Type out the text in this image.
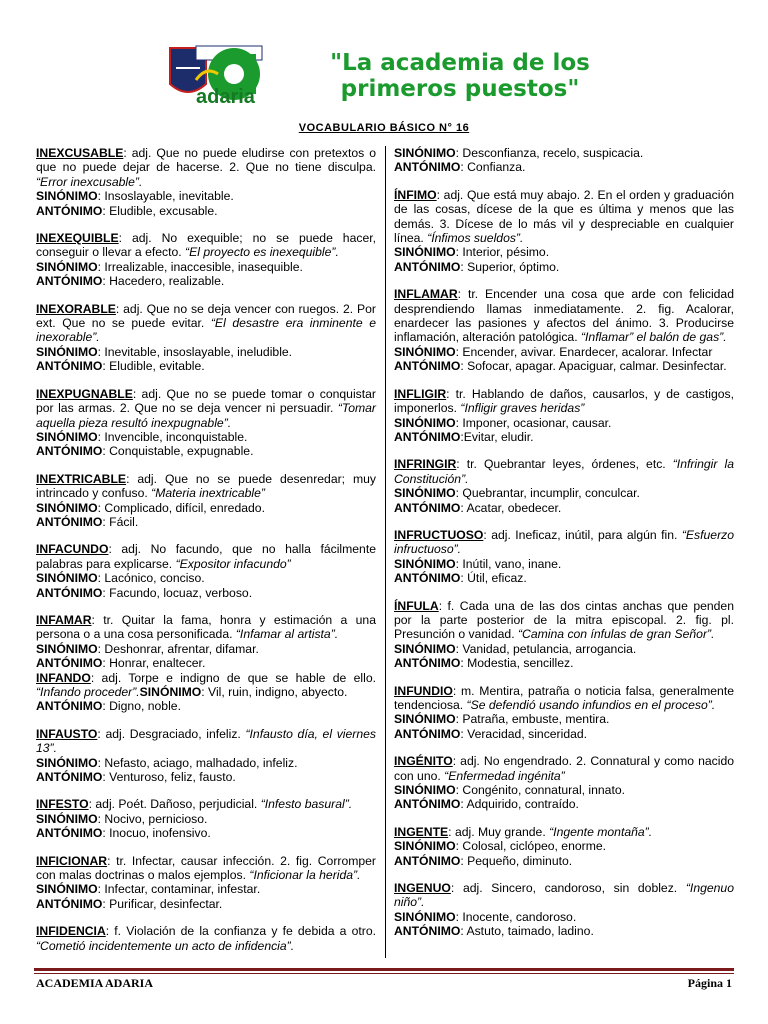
adaria
"La academia de los
primeros puestos"
VOCABULARIO BÁSICO N° 16

INEXCUSABLE: adj. Que no puede eludirse con pretextos o que no puede dejar de hacerse. 2. Que no tiene disculpa. “Error inexcusable”.

SINÓNIMO: Insoslayable, inevitable.

ANTÓNIMO: Eludible, excusable.

INEXEQUIBLE: adj. No exequible; no se puede hacer, conseguir o llevar a efecto. “El proyecto es inexequible”.

SINÓNIMO: Irrealizable, inaccesible, inasequible.

ANTÓNIMO: Hacedero, realizable.

INEXORABLE: adj. Que no se deja vencer con ruegos. 2. Por ext. Que no se puede evitar. “El desastre era inminente e inexorable”.

SINÓNIMO: Inevitable, insoslayable, ineludible.

ANTÓNIMO: Eludible, evitable.

INEXPUGNABLE: adj. Que no se puede tomar o conquistar por las armas. 2. Que no se deja vencer ni persuadir. “Tomar aquella pieza resultó inexpugnable”.

SINÓNIMO: Invencible, inconquistable.

ANTÓNIMO: Conquistable, expugnable.

INEXTRICABLE: adj. Que no se puede desenredar; muy intrincado y confuso. “Materia inextricable”

SINÓNIMO: Complicado, difícil, enredado.

ANTÓNIMO: Fácil.

INFACUNDO: adj. No facundo, que no halla fácilmente palabras para explicarse. “Expositor infacundo”

SINÓNIMO: Lacónico, conciso.

ANTÓNIMO: Facundo, locuaz, verboso.

INFAMAR: tr. Quitar la fama, honra y estimación a una persona o a una cosa personificada. “Infamar al artista”.

SINÓNIMO: Deshonrar, afrentar, difamar.

ANTÓNIMO: Honrar, enaltecer.

INFANDO: adj. Torpe e indigno de que se hable de ello. “Infando proceder”.SINÓNIMO: Vil, ruin, indigno, abyecto.

ANTÓNIMO: Digno, noble.

INFAUSTO: adj. Desgraciado, infeliz. “Infausto día, el viernes 13”.

SINÓNIMO: Nefasto, aciago, malhadado, infeliz.

ANTÓNIMO: Venturoso, feliz, fausto.

INFESTO: adj. Poét. Dañoso, perjudicial. “Infesto basural”.

SINÓNIMO: Nocivo, pernicioso.

ANTÓNIMO: Inocuo, inofensivo.

INFICIONAR: tr. Infectar, causar infección. 2. fig. Corromper con malas doctrinas o malos ejemplos. “Inficionar la herida”.

SINÓNIMO: Infectar, contaminar, infestar.

ANTÓNIMO: Purificar, desinfectar.

INFIDENCIA: f. Violación de la confianza y fe debida a otro. “Cometió incidentemente un acto de infidencia”.

SINÓNIMO: Desconfianza, recelo, suspicacia.

ANTÓNIMO: Confianza.

ÍNFIMO: adj. Que está muy abajo. 2. En el orden y graduación de las cosas, dícese de la que es última y menos que las demás. 3. Dícese de lo más vil y despreciable en cualquier línea. “Ínfimos sueldos”.

SINÓNIMO: Interior, pésimo.

ANTÓNIMO: Superior, óptimo.

INFLAMAR: tr. Encender una cosa que arde con felicidad desprendiendo llamas inmediatamente. 2. fig. Acalorar, enardecer las pasiones y afectos del ánimo. 3. Producirse inflamación, alteración patológica. “Inflamar” el balón de gas”.

SINÓNIMO: Encender, avivar. Enardecer, acalorar. Infectar

ANTÓNIMO: Sofocar, apagar. Apaciguar, calmar. Desinfectar.

INFLIGIR: tr. Hablando de daños, causarlos, y de castigos, imponerlos. “Infligir graves heridas”

SINÓNIMO: Imponer, ocasionar, causar.

ANTÓNIMO:Evitar, eludir.

INFRINGIR: tr. Quebrantar leyes, órdenes, etc. “Infringir la Constitución”.

SINÓNIMO: Quebrantar, incumplir, conculcar.

ANTÓNIMO: Acatar, obedecer.

INFRUCTUOSO: adj. Ineficaz, inútil, para algún fin. “Esfuerzo infructuoso”.

SINÓNIMO: Inútil, vano, inane.

ANTÓNIMO: Útil, eficaz.

ÍNFULA: f. Cada una de las dos cintas anchas que penden por la parte posterior de la mitra episcopal. 2. fig. pl. Presunción o vanidad. “Camina con ínfulas de gran Señor”.

SINÓNIMO: Vanidad, petulancia, arrogancia.

ANTÓNIMO: Modestia, sencillez.

INFUNDIO: m. Mentira, patraña o noticia falsa, generalmente tendenciosa. “Se defendió usando infundios en el proceso”.

SINÓNIMO: Patraña, embuste, mentira.

ANTÓNIMO: Veracidad, sinceridad.

INGÉNITO: adj. No engendrado. 2. Connatural y como nacido con uno. “Enfermedad ingénita”

SINÓNIMO: Congénito, connatural, innato.

ANTÓNIMO: Adquirido, contraído.

INGENTE: adj. Muy grande. “Ingente montaña”.

SINÓNIMO: Colosal, ciclópeo, enorme.

ANTÓNIMO: Pequeño, diminuto.

INGENUO: adj. Sincero, candoroso, sin doblez. “Ingenuo niño”.

SINÓNIMO: Inocente, candoroso.

ANTÓNIMO: Astuto, taimado, ladino.

ACADEMIA ADARIA	Página 1
